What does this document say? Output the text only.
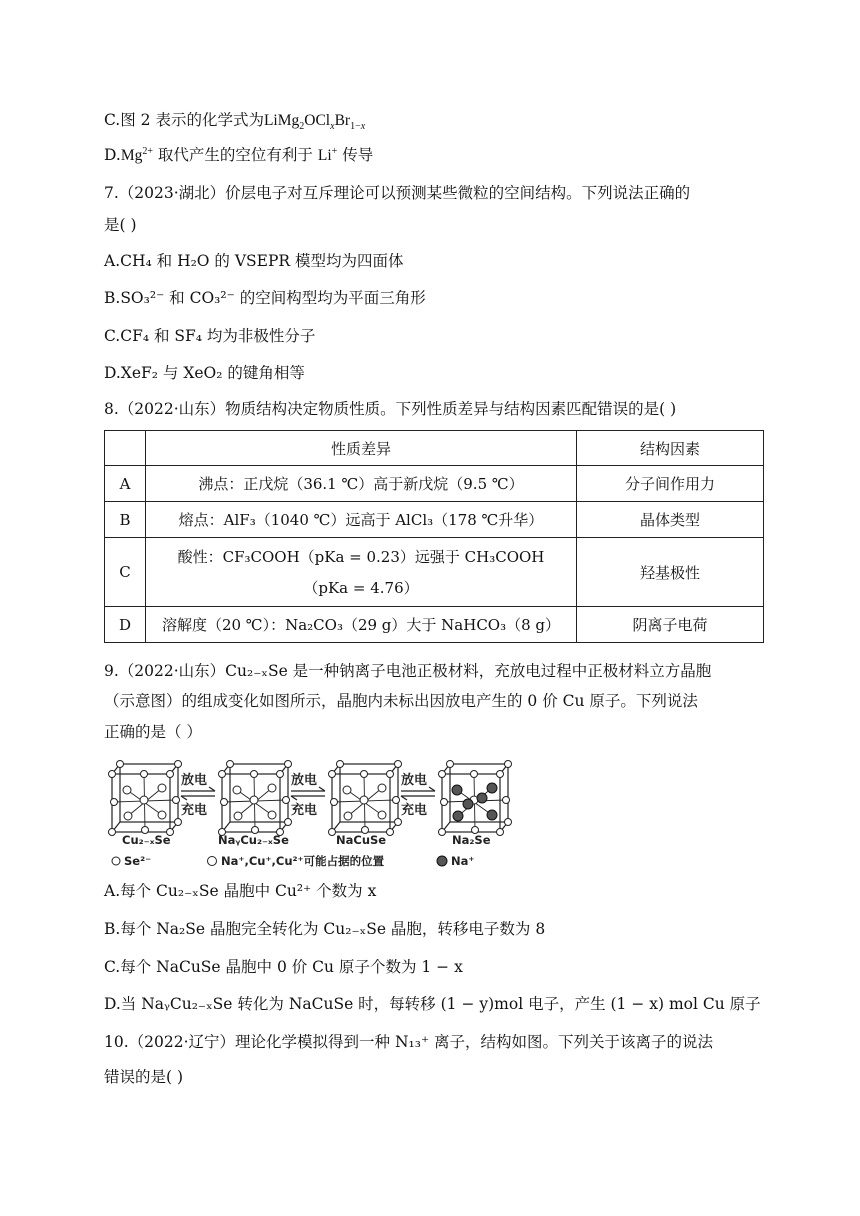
C.图 2 表示的化学式为$LiMg_2OCl_xBr_{1-x}$
$D.Mg^{2+}$ 取代产生的空位有利于 Li+ 传导
7.（2023·湖北）价层电子对互斥理论可以预测某些微粒的空间结构。下列说法正确的
是( )
A.CH₄ 和 H₂O 的 VSEPR 模型均为四面体
B.SO₃²⁻ 和 CO₃²⁻ 的空间构型均为平面三角形
C.CF₄ 和 SF₄ 均为非极性分子
D.XeF₂ 与 XeO₂ 的键角相等
8.（2022·山东）物质结构决定物质性质。下列性质差异与结构因素匹配错误的是( )
	性质差异	结构因素
A	沸点：正戊烷（36.1 ℃）高于新戊烷（9.5 ℃）	分子间作用力
B	熔点：AlF₃（1040 ℃）远高于 AlCl₃（178 ℃升华）	晶体类型
C	酸性：CF₃COOH（pKa = 0.23）远强于 CH₃COOH
（pKa = 4.76）	羟基极性
D	溶解度（20 ℃）：Na₂CO₃（29 g）大于 NaHCO₃（8 g）	阴离子电荷
9.（2022·山东）Cu₂₋ₓSe 是一种钠离子电池正极材料，充放电过程中正极材料立方晶胞
（示意图）的组成变化如图所示，晶胞内未标出因放电产生的 0 价 Cu 原子。下列说法
正确的是（ ）
放电
充电
放电
充电
放电
充电
Cu₂₋ₓSe	NaᵧCu₂₋ₓSe	NaCuSe	Na₂Se
Se²⁻	Na⁺,Cu⁺,Cu²⁺可能占据的位置	Na⁺
A.每个 Cu₂₋ₓSe 晶胞中 Cu²⁺ 个数为 x
B.每个 Na₂Se 晶胞完全转化为 Cu₂₋ₓSe 晶胞，转移电子数为 8
C.每个 NaCuSe 晶胞中 0 价 Cu 原子个数为 1 − x
D.当 NaᵧCu₂₋ₓSe 转化为 NaCuSe 时，每转移 (1 − y)mol 电子，产生 (1 − x) mol Cu 原子
10.（2022·辽宁）理论化学模拟得到一种 N₁₃⁺ 离子，结构如图。下列关于该离子的说法
错误的是( )
